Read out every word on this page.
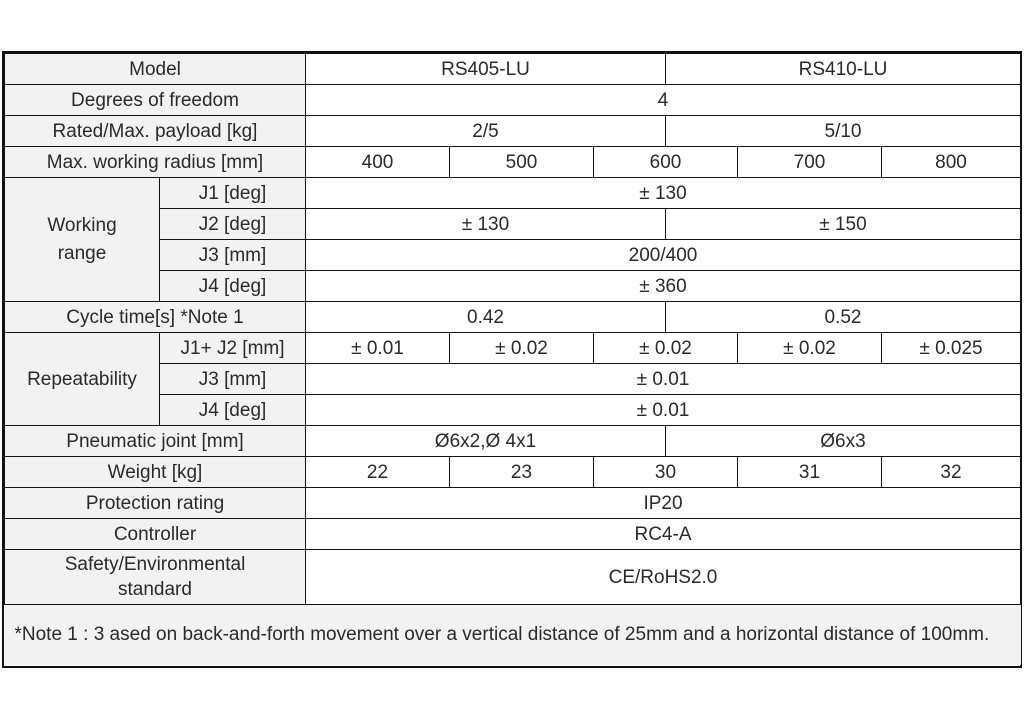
Model		RS405-LU			RS410-LU		
Degrees of freedom		4					
Rated/Max. payload [kg]		2/5			5/10		
Max. working radius [mm]		400	500	600		700	800
Working range	J1 [deg]	± 130					
	J2 [deg]	± 130			± 150		
	J3 [mm]	200/400					
	J4 [deg]	± 360					
Cycle time[s] *Note 1		0.42			0.52		
Repeatability	J1+ J2 [mm]	± 0.01	± 0.02	± 0.02		± 0.02	± 0.025
	J3 [mm]	± 0.01					
	J4 [deg]	± 0.01					
Pneumatic joint [mm]		Ø6x2,Ø 4x1			Ø6x3		
Weight [kg]		22	23	30		31	32
Protection rating		IP20					
Controller		RC4-A					
Safety/Environmental standard		CE/RoHS2.0					
*Note 1 : 3 ased on back-and-forth movement over a vertical distance of 25mm and a horizontal distance of 100mm.							
